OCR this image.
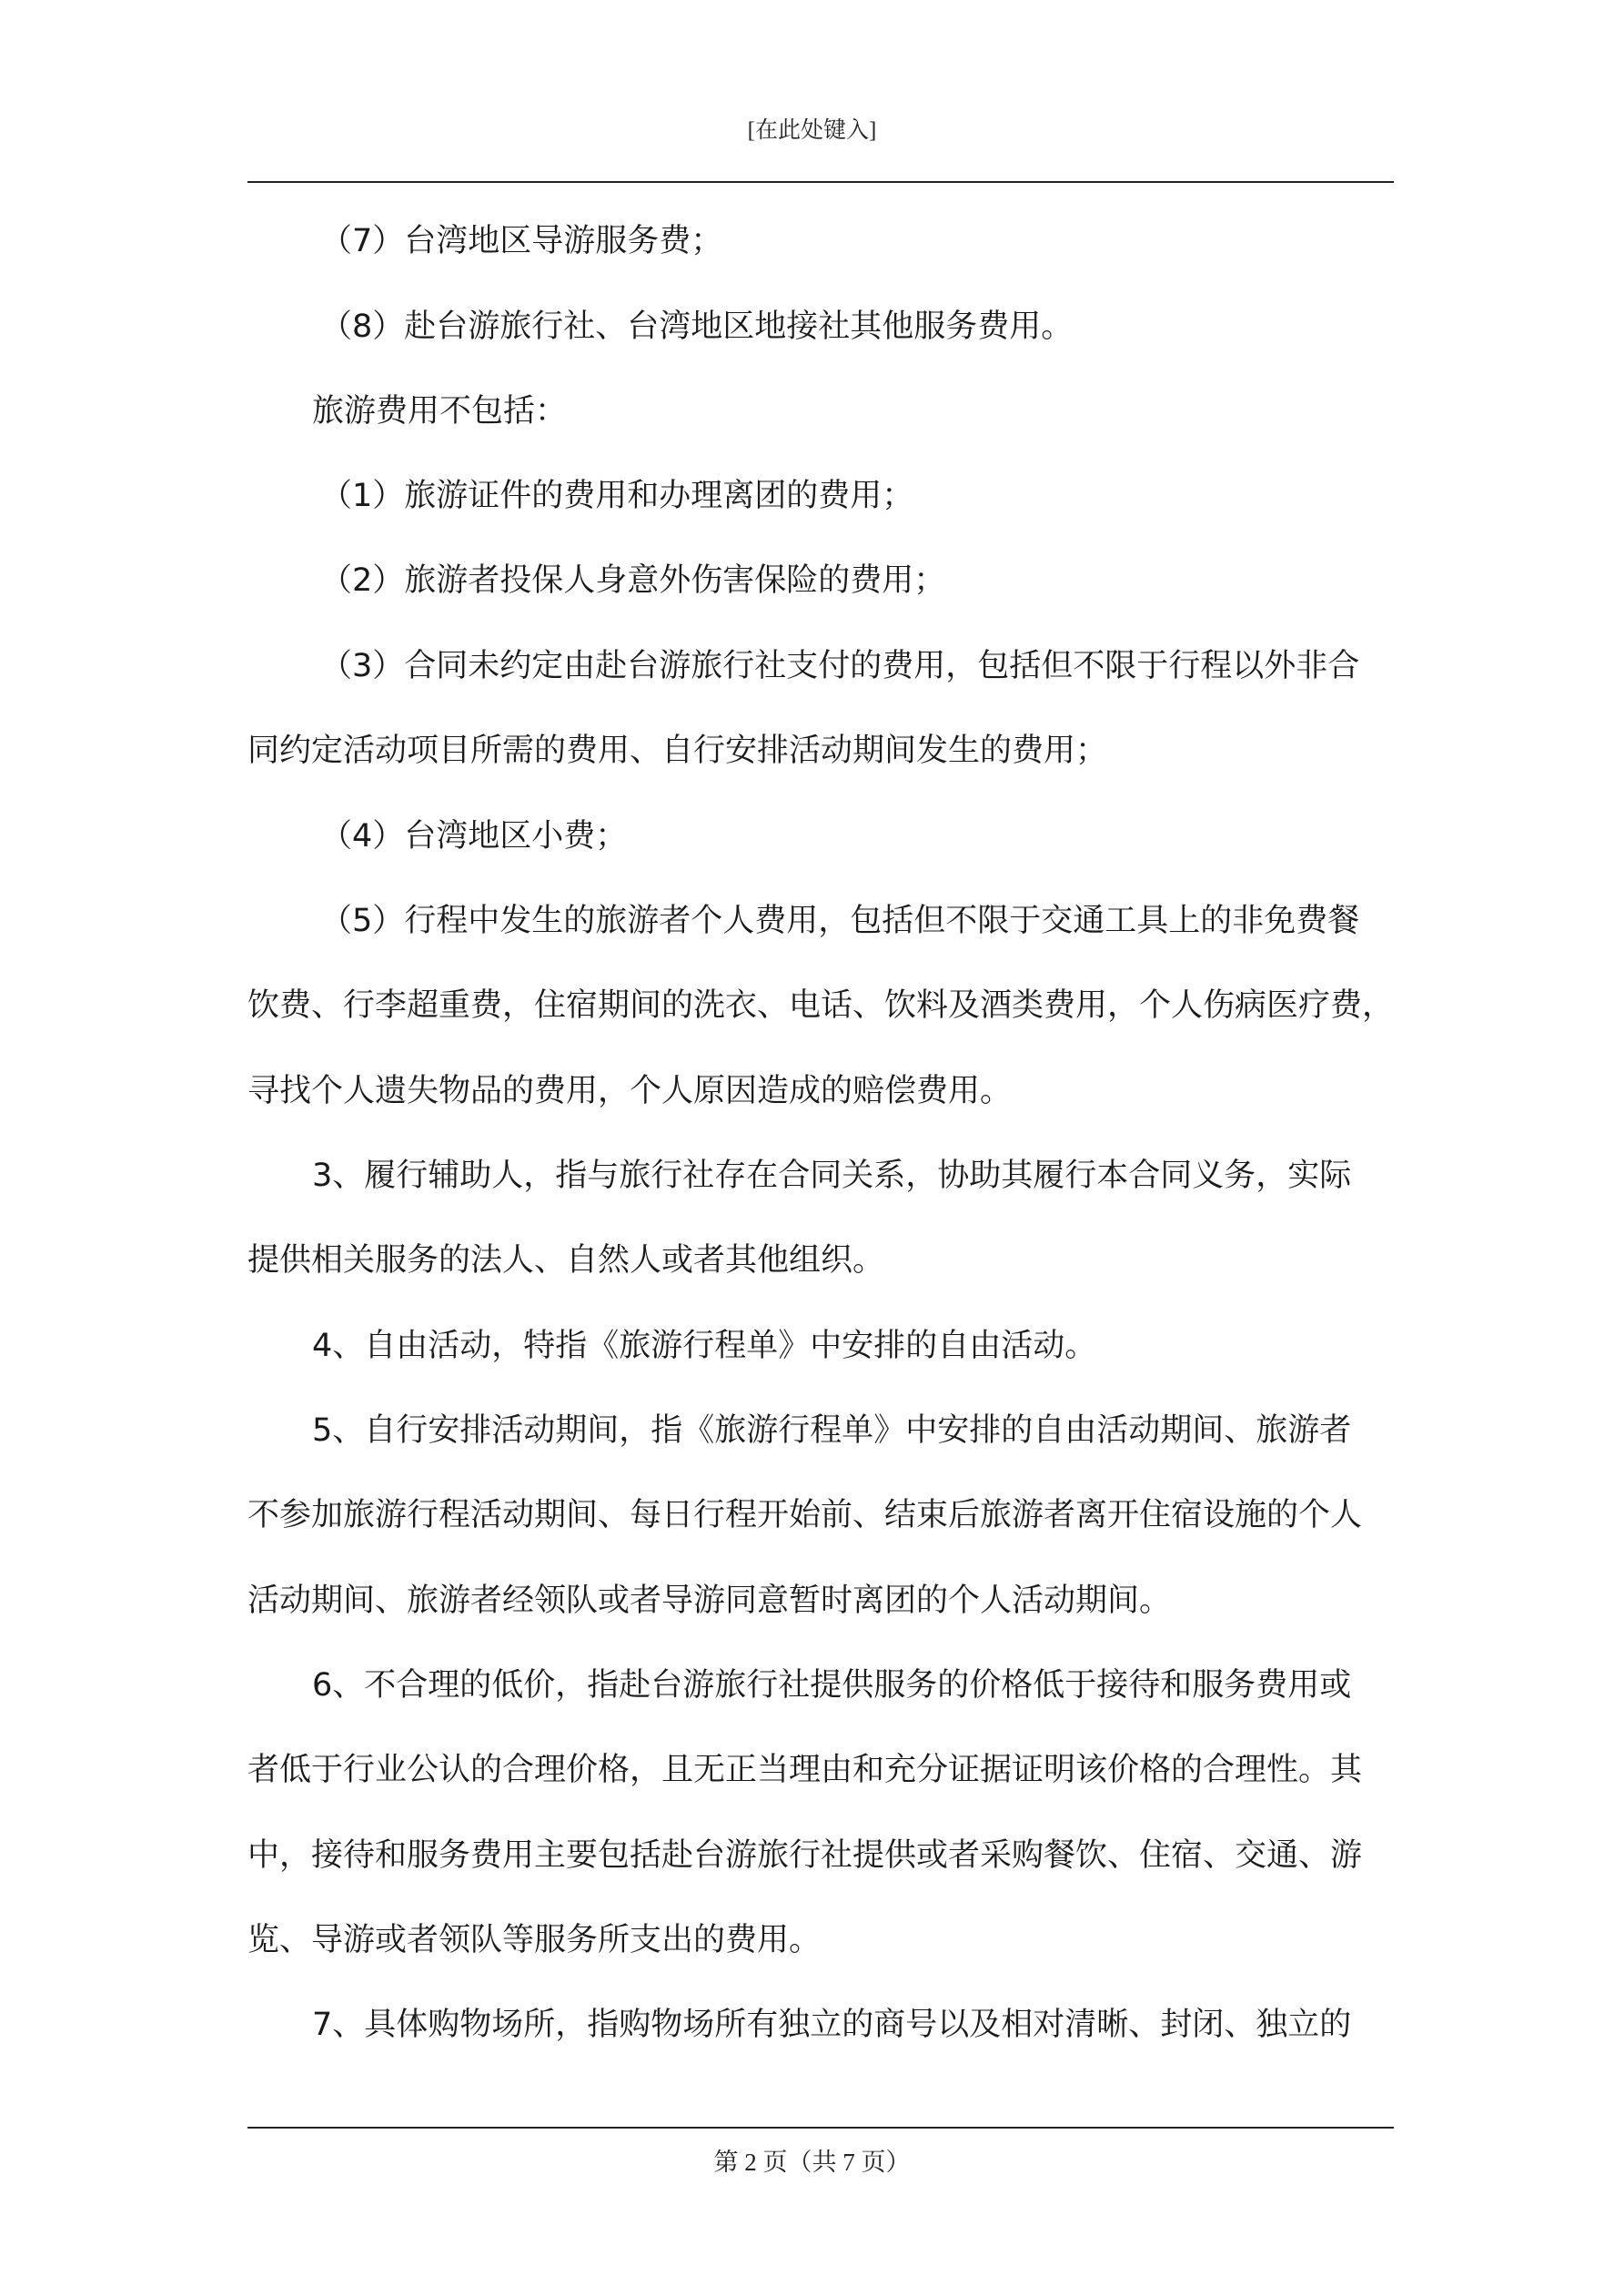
[在此处键入]
（7）台湾地区导游服务费；
（8）赴台游旅行社、台湾地区地接社其他服务费用。
旅游费用不包括：
（1）旅游证件的费用和办理离团的费用；
（2）旅游者投保人身意外伤害保险的费用；
（3）合同未约定由赴台游旅行社支付的费用，包括但不限于行程以外非合
同约定活动项目所需的费用、自行安排活动期间发生的费用；
（4）台湾地区小费；
（5）行程中发生的旅游者个人费用，包括但不限于交通工具上的非免费餐
饮费、行李超重费，住宿期间的洗衣、电话、饮料及酒类费用，个人伤病医疗费，
寻找个人遗失物品的费用，个人原因造成的赔偿费用。
3、履行辅助人，指与旅行社存在合同关系，协助其履行本合同义务，实际
提供相关服务的法人、自然人或者其他组织。
4、自由活动，特指《旅游行程单》中安排的自由活动。
5、自行安排活动期间，指《旅游行程单》中安排的自由活动期间、旅游者
不参加旅游行程活动期间、每日行程开始前、结束后旅游者离开住宿设施的个人
活动期间、旅游者经领队或者导游同意暂时离团的个人活动期间。
6、不合理的低价，指赴台游旅行社提供服务的价格低于接待和服务费用或
者低于行业公认的合理价格，且无正当理由和充分证据证明该价格的合理性。其
中，接待和服务费用主要包括赴台游旅行社提供或者采购餐饮、住宿、交通、游
览、导游或者领队等服务所支出的费用。
7、具体购物场所，指购物场所有独立的商号以及相对清晰、封闭、独立的
第 2 页（共 7 页）
